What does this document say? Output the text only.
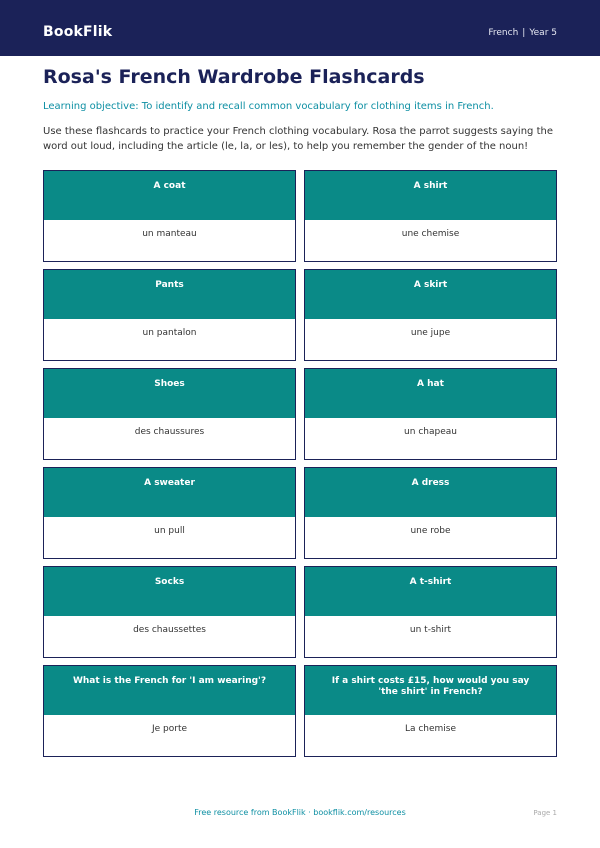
BookFlik	French | Year 5
Rosa's French Wardrobe Flashcards
Learning objective: To identify and recall common vocabulary for clothing items in French.
Use these flashcards to practice your French clothing vocabulary. Rosa the parrot suggests saying the word out loud, including the article (le, la, or les), to help you remember the gender of the noun!
A coat
un manteau
A shirt
une chemise
Pants
un pantalon
A skirt
une jupe
Shoes
des chaussures
A hat
un chapeau
A sweater
un pull
A dress
une robe
Socks
des chaussettes
A t-shirt
un t-shirt
What is the French for 'I am wearing'?
Je porte
If a shirt costs £15, how would you say 'the shirt' in French?
La chemise
Free resource from BookFlik · bookflik.com/resources	Page 1
